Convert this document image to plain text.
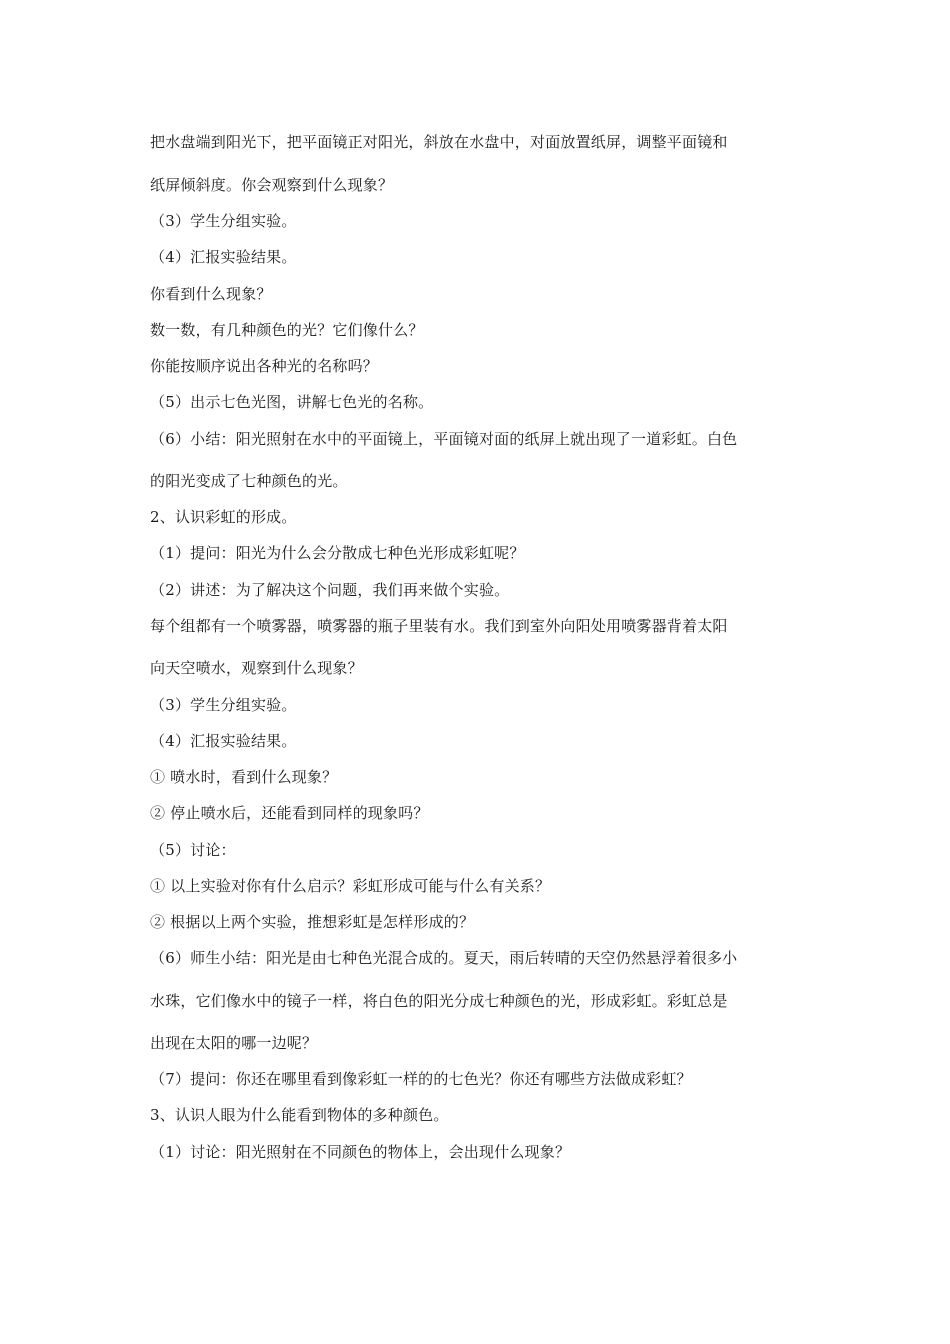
把水盘端到阳光下，把平面镜正对阳光，斜放在水盘中，对面放置纸屏，调整平面镜和
纸屏倾斜度。你会观察到什么现象？
（3）学生分组实验。
（4）汇报实验结果。
你看到什么现象？
数一数，有几种颜色的光？它们像什么？
你能按顺序说出各种光的名称吗？
（5）出示七色光图，讲解七色光的名称。
（6）小结：阳光照射在水中的平面镜上，平面镜对面的纸屏上就出现了一道彩虹。白色
的阳光变成了七种颜色的光。
2、认识彩虹的形成。
（1）提问：阳光为什么会分散成七种色光形成彩虹呢？
（2）讲述：为了解决这个问题，我们再来做个实验。
每个组都有一个喷雾器，喷雾器的瓶子里装有水。我们到室外向阳处用喷雾器背着太阳
向天空喷水，观察到什么现象？
（3）学生分组实验。
（4）汇报实验结果。
① 喷水时，看到什么现象？
② 停止喷水后，还能看到同样的现象吗？
（5）讨论：
① 以上实验对你有什么启示？彩虹形成可能与什么有关系？
② 根据以上两个实验，推想彩虹是怎样形成的？
（6）师生小结：阳光是由七种色光混合成的。夏天，雨后转晴的天空仍然悬浮着很多小
水珠，它们像水中的镜子一样，将白色的阳光分成七种颜色的光，形成彩虹。彩虹总是
出现在太阳的哪一边呢？
（7）提问：你还在哪里看到像彩虹一样的的七色光？你还有哪些方法做成彩虹？
3、认识人眼为什么能看到物体的多种颜色。
（1）讨论：阳光照射在不同颜色的物体上，会出现什么现象？
